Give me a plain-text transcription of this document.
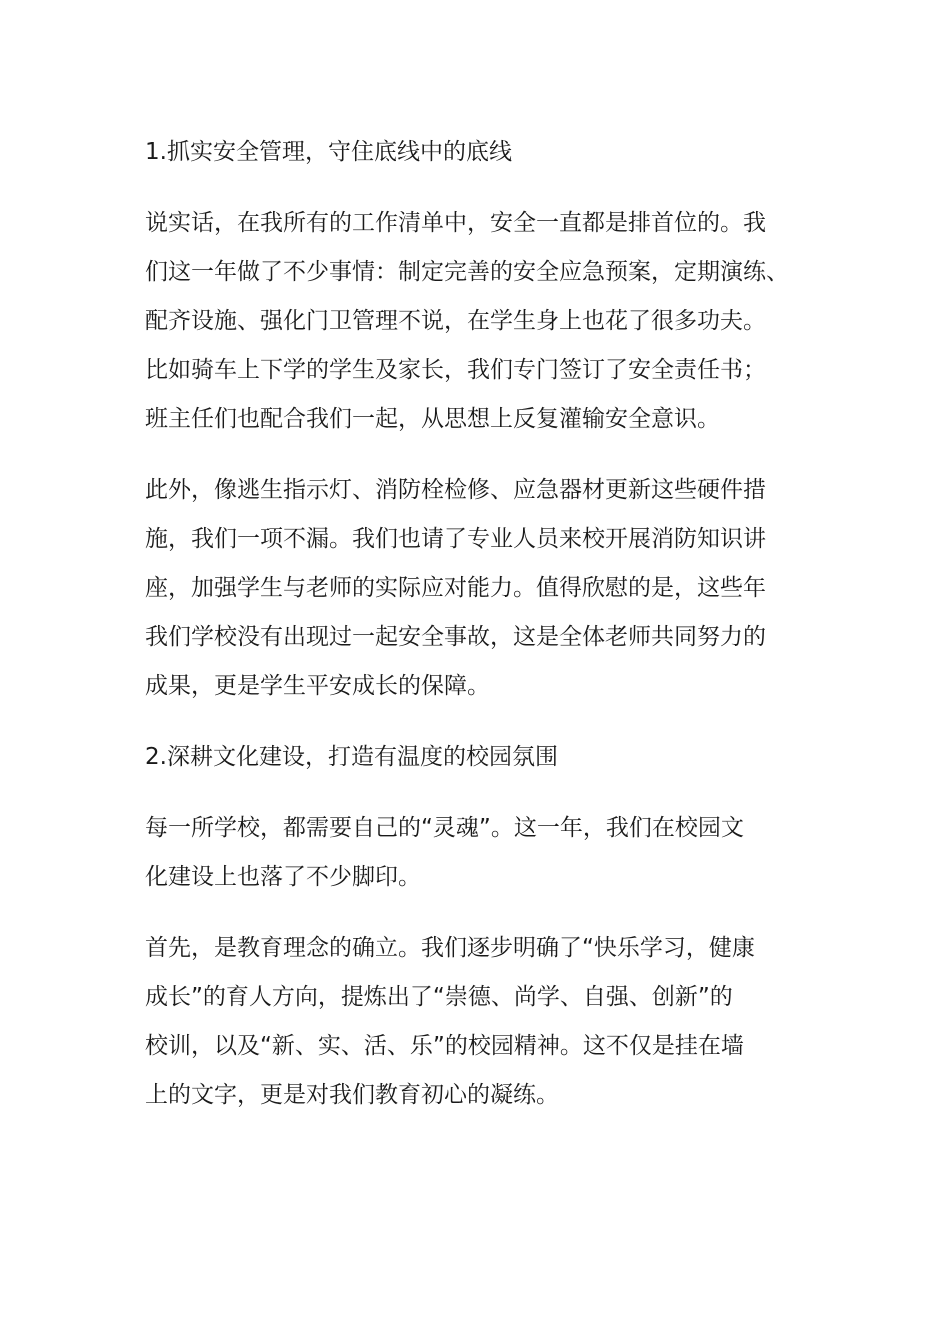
1.抓实安全管理，守住底线中的底线

说实话，在我所有的工作清单中，安全一直都是排首位的。我
们这一年做了不少事情：制定完善的安全应急预案，定期演练、
配齐设施、强化门卫管理不说，在学生身上也花了很多功夫。
比如骑车上下学的学生及家长，我们专门签订了安全责任书；
班主任们也配合我们一起，从思想上反复灌输安全意识。
此外，像逃生指示灯、消防栓检修、应急器材更新这些硬件措
施，我们一项不漏。我们也请了专业人员来校开展消防知识讲
座，加强学生与老师的实际应对能力。值得欣慰的是，这些年
我们学校没有出现过一起安全事故，这是全体老师共同努力的
成果，更是学生平安成长的保障。

2.深耕文化建设，打造有温度的校园氛围

每一所学校，都需要自己的“灵魂”。这一年，我们在校园文
化建设上也落了不少脚印。
首先，是教育理念的确立。我们逐步明确了“快乐学习，健康
成长”的育人方向，提炼出了“崇德、尚学、自强、创新”的
校训，以及“新、实、活、乐”的校园精神。这不仅是挂在墙
上的文字，更是对我们教育初心的凝练。
